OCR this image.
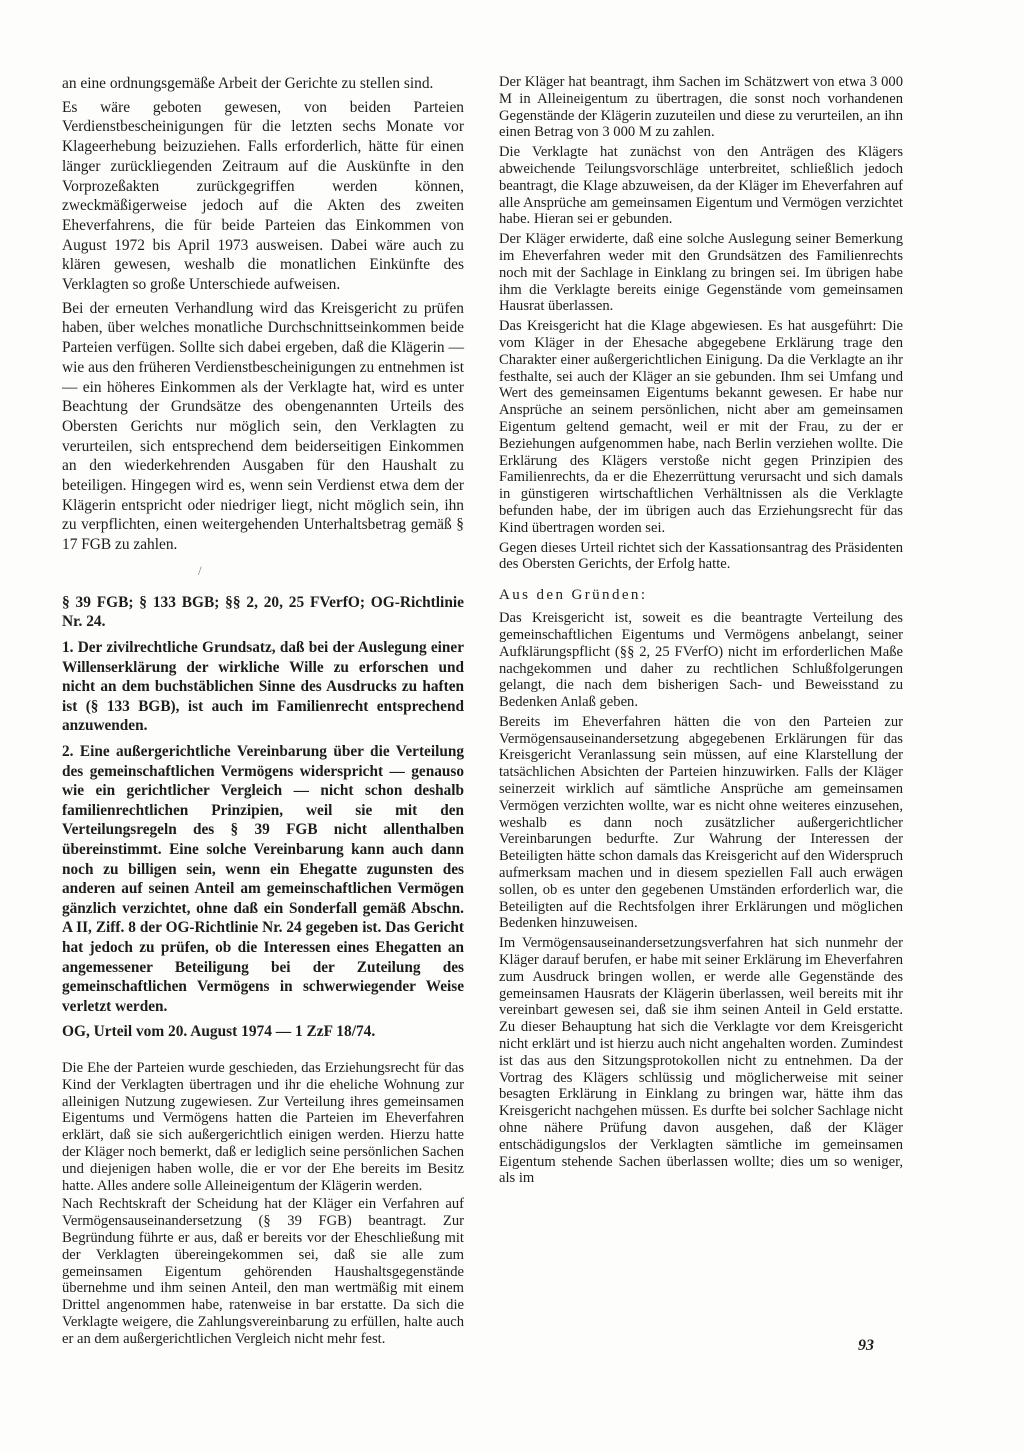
an eine ordnungsgemäße Arbeit der Gerichte zu stellen sind.

Es wäre geboten gewesen, von beiden Parteien Verdienstbescheinigungen für die letzten sechs Monate vor Klageerhebung beizuziehen. Falls erforderlich, hätte für einen länger zurückliegenden Zeitraum auf die Auskünfte in den Vorprozeßakten zurückgegriffen werden können, zweckmäßigerweise jedoch auf die Akten des zweiten Eheverfahrens, die für beide Parteien das Einkommen von August 1972 bis April 1973 ausweisen. Dabei wäre auch zu klären gewesen, weshalb die monatlichen Einkünfte des Verklagten so große Unterschiede aufweisen.

Bei der erneuten Verhandlung wird das Kreisgericht zu prüfen haben, über welches monatliche Durchschnittseinkommen beide Parteien verfügen. Sollte sich dabei ergeben, daß die Klägerin — wie aus den früheren Verdienstbescheinigungen zu entnehmen ist — ein höheres Einkommen als der Verklagte hat, wird es unter Beachtung der Grundsätze des obengenannten Urteils des Obersten Gerichts nur möglich sein, den Verklagten zu verurteilen, sich entsprechend dem beiderseitigen Einkommen an den wiederkehrenden Ausgaben für den Haushalt zu beteiligen. Hingegen wird es, wenn sein Verdienst etwa dem der Klägerin entspricht oder niedriger liegt, nicht möglich sein, ihn zu verpflichten, einen weitergehenden Unterhaltsbetrag gemäß § 17 FGB zu zahlen.

/
§ 39 FGB; § 133 BGB; §§ 2, 20, 25 FVerfO; OG-Richtlinie Nr. 24.

1. Der zivilrechtliche Grundsatz, daß bei der Auslegung einer Willenserklärung der wirkliche Wille zu erforschen und nicht an dem buchstäblichen Sinne des Ausdrucks zu haften ist (§ 133 BGB), ist auch im Familienrecht entsprechend anzuwenden.

2. Eine außergerichtliche Vereinbarung über die Verteilung des gemeinschaftlichen Vermögens widerspricht — genauso wie ein gerichtlicher Vergleich — nicht schon deshalb familienrechtlichen Prinzipien, weil sie mit den Verteilungsregeln des § 39 FGB nicht allenthalben übereinstimmt. Eine solche Vereinbarung kann auch dann noch zu billigen sein, wenn ein Ehegatte zugunsten des anderen auf seinen Anteil am gemeinschaftlichen Vermögen gänzlich verzichtet, ohne daß ein Sonderfall gemäß Abschn. A II, Ziff. 8 der OG-Richtlinie Nr. 24 gegeben ist. Das Gericht hat jedoch zu prüfen, ob die Interessen eines Ehegatten an angemessener Beteiligung bei der Zuteilung des gemeinschaftlichen Vermögens in schwerwiegender Weise verletzt werden.

OG, Urteil vom 20. August 1974 — 1 ZzF 18/74.

Die Ehe der Parteien wurde geschieden, das Erziehungsrecht für das Kind der Verklagten übertragen und ihr die eheliche Wohnung zur alleinigen Nutzung zugewiesen. Zur Verteilung ihres gemeinsamen Eigentums und Vermögens hatten die Parteien im Eheverfahren erklärt, daß sie sich außergerichtlich einigen werden. Hierzu hatte der Kläger noch bemerkt, daß er lediglich seine persönlichen Sachen und diejenigen haben wolle, die er vor der Ehe bereits im Besitz hatte. Alles andere solle Alleineigentum der Klägerin werden.

Nach Rechtskraft der Scheidung hat der Kläger ein Verfahren auf Vermögensauseinandersetzung (§ 39 FGB) beantragt. Zur Begründung führte er aus, daß er bereits vor der Eheschließung mit der Verklagten übereingekommen sei, daß sie alle zum gemeinsamen Eigentum gehörenden Haushaltsgegenstände übernehme und ihm seinen Anteil, den man wertmäßig mit einem Drittel angenommen habe, ratenweise in bar erstatte. Da sich die Verklagte weigere, die Zahlungsvereinbarung zu erfüllen, halte auch er an dem außergerichtlichen Vergleich nicht mehr fest.

Der Kläger hat beantragt, ihm Sachen im Schätzwert von etwa 3 000 M in Alleineigentum zu übertragen, die sonst noch vorhandenen Gegenstände der Klägerin zuzuteilen und diese zu verurteilen, an ihn einen Betrag von 3 000 M zu zahlen.

Die Verklagte hat zunächst von den Anträgen des Klägers abweichende Teilungsvorschläge unterbreitet, schließlich jedoch beantragt, die Klage abzuweisen, da der Kläger im Eheverfahren auf alle Ansprüche am gemeinsamen Eigentum und Vermögen verzichtet habe. Hieran sei er gebunden.

Der Kläger erwiderte, daß eine solche Auslegung seiner Bemerkung im Eheverfahren weder mit den Grundsätzen des Familienrechts noch mit der Sachlage in Einklang zu bringen sei. Im übrigen habe ihm die Verklagte bereits einige Gegenstände vom gemeinsamen Hausrat überlassen.

Das Kreisgericht hat die Klage abgewiesen. Es hat ausgeführt: Die vom Kläger in der Ehesache abgegebene Erklärung trage den Charakter einer außergerichtlichen Einigung. Da die Verklagte an ihr festhalte, sei auch der Kläger an sie gebunden. Ihm sei Umfang und Wert des gemeinsamen Eigentums bekannt gewesen. Er habe nur Ansprüche an seinem persönlichen, nicht aber am gemeinsamen Eigentum geltend gemacht, weil er mit der Frau, zu der er Beziehungen aufgenommen habe, nach Berlin verziehen wollte. Die Erklärung des Klägers verstoße nicht gegen Prinzipien des Familienrechts, da er die Ehezerrüttung verursacht und sich damals in günstigeren wirtschaftlichen Verhältnissen als die Verklagte befunden habe, der im übrigen auch das Erziehungsrecht für das Kind übertragen worden sei.

Gegen dieses Urteil richtet sich der Kassationsantrag des Präsidenten des Obersten Gerichts, der Erfolg hatte.

Aus den Gründen:

Das Kreisgericht ist, soweit es die beantragte Verteilung des gemeinschaftlichen Eigentums und Vermögens anbelangt, seiner Aufklärungspflicht (§§ 2, 25 FVerfO) nicht im erforderlichen Maße nachgekommen und daher zu rechtlichen Schlußfolgerungen gelangt, die nach dem bisherigen Sach- und Beweisstand zu Bedenken Anlaß geben.

Bereits im Eheverfahren hätten die von den Parteien zur Vermögensauseinandersetzung abgegebenen Erklärungen für das Kreisgericht Veranlassung sein müssen, auf eine Klarstellung der tatsächlichen Absichten der Parteien hinzuwirken. Falls der Kläger seinerzeit wirklich auf sämtliche Ansprüche am gemeinsamen Vermögen verzichten wollte, war es nicht ohne weiteres einzusehen, weshalb es dann noch zusätzlicher außergerichtlicher Vereinbarungen bedurfte. Zur Wahrung der Interessen der Beteiligten hätte schon damals das Kreisgericht auf den Widerspruch aufmerksam machen und in diesem speziellen Fall auch erwägen sollen, ob es unter den gegebenen Umständen erforderlich war, die Beteiligten auf die Rechtsfolgen ihrer Erklärungen und möglichen Bedenken hinzuweisen.

Im Vermögensauseinandersetzungsverfahren hat sich nunmehr der Kläger darauf berufen, er habe mit seiner Erklärung im Eheverfahren zum Ausdruck bringen wollen, er werde alle Gegenstände des gemeinsamen Hausrats der Klägerin überlassen, weil bereits mit ihr vereinbart gewesen sei, daß sie ihm seinen Anteil in Geld erstatte. Zu dieser Behauptung hat sich die Verklagte vor dem Kreisgericht nicht erklärt und ist hierzu auch nicht angehalten worden. Zumindest ist das aus den Sitzungsprotokollen nicht zu entnehmen. Da der Vortrag des Klägers schlüssig und möglicherweise mit seiner besagten Erklärung in Einklang zu bringen war, hätte ihm das Kreisgericht nachgehen müssen. Es durfte bei solcher Sachlage nicht ohne nähere Prüfung davon ausgehen, daß der Kläger entschädigungslos der Verklagten sämtliche im gemeinsamen Eigentum stehende Sachen überlassen wollte; dies um so weniger, als im

93
